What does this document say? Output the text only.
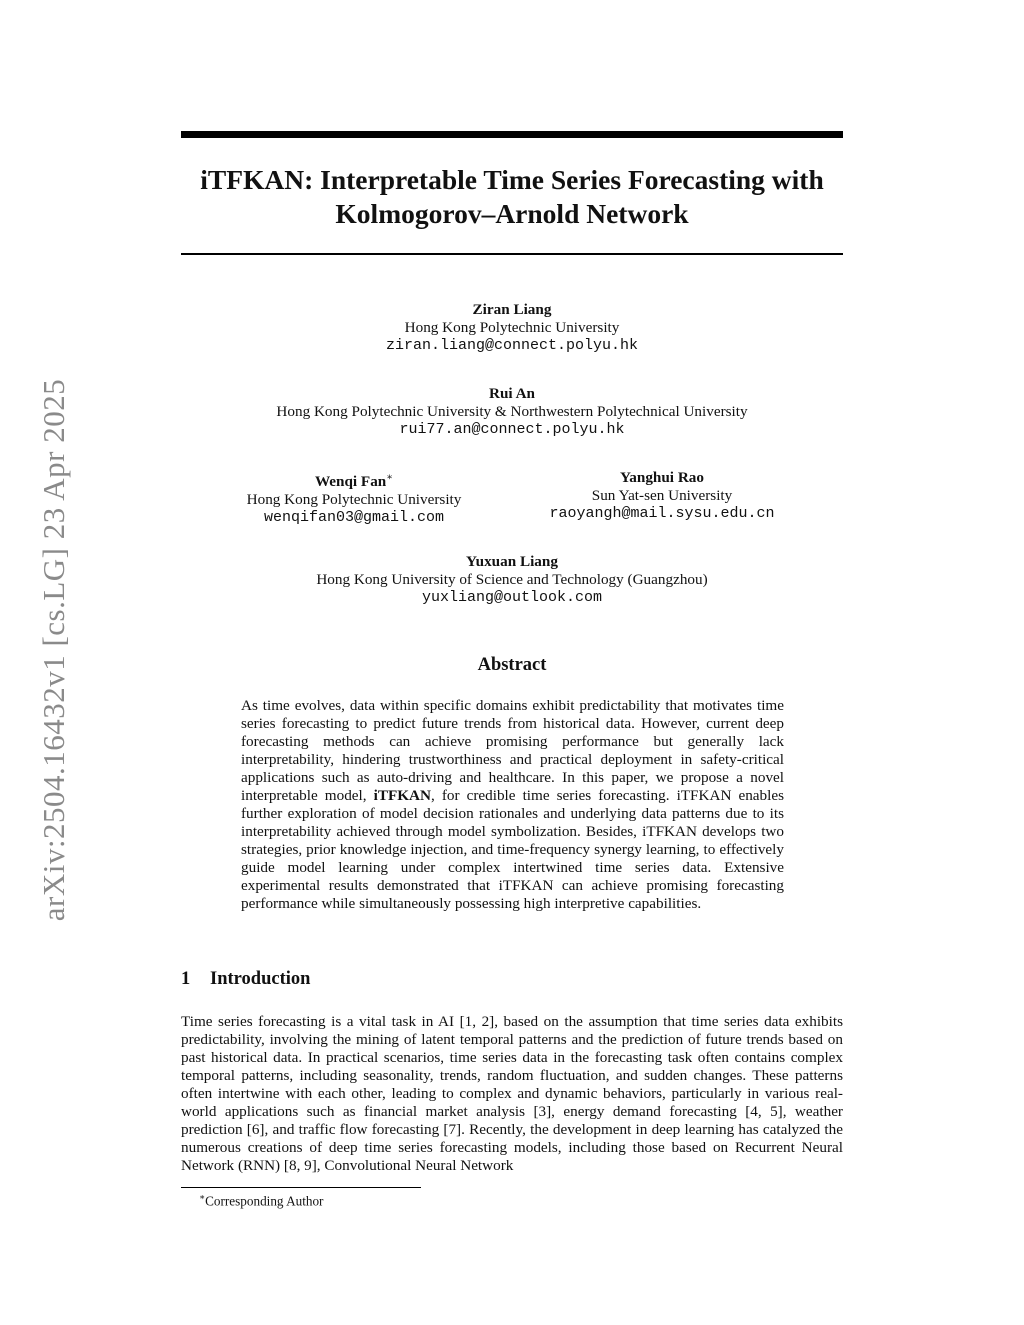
arXiv:2504.16432v1 [cs.LG] 23 Apr 2025
iTFKAN: Interpretable Time Series Forecasting with
Kolmogorov–Arnold Network
Ziran Liang
Hong Kong Polytechnic University
ziran.liang@connect.polyu.hk
Rui An
Hong Kong Polytechnic University & Northwestern Polytechnical University
rui77.an@connect.polyu.hk
Wenqi Fan∗
Hong Kong Polytechnic University
wenqifan03@gmail.com
Yanghui Rao
Sun Yat-sen University
raoyangh@mail.sysu.edu.cn
Yuxuan Liang
Hong Kong University of Science and Technology (Guangzhou)
yuxliang@outlook.com
Abstract

As time evolves, data within specific domains exhibit predictability that motivates time series forecasting to predict future trends from historical data. However, current deep forecasting methods can achieve promising performance but generally lack interpretability, hindering trustworthiness and practical deployment in safety-critical applications such as auto-driving and healthcare. In this paper, we propose a novel interpretable model, iTFKAN, for credible time series forecasting. iTFKAN enables further exploration of model decision rationales and underlying data patterns due to its interpretability achieved through model symbolization. Besides, iTFKAN develops two strategies, prior knowledge injection, and time-frequency synergy learning, to effectively guide model learning under complex intertwined time series data. Extensive experimental results demonstrated that iTFKAN can achieve promising forecasting performance while simultaneously possessing high interpretive capabilities.

1 Introduction

Time series forecasting is a vital task in AI [1, 2], based on the assumption that time series data exhibits predictability, involving the mining of latent temporal patterns and the prediction of future trends based on past historical data. In practical scenarios, time series data in the forecasting task often contains complex temporal patterns, including seasonality, trends, random fluctuation, and sudden changes. These patterns often intertwine with each other, leading to complex and dynamic behaviors, particularly in various real-world applications such as financial market analysis [3], energy demand forecasting [4, 5], weather prediction [6], and traffic flow forecasting [7]. Recently, the development in deep learning has catalyzed the numerous creations of deep time series forecasting models, including those based on Recurrent Neural Network (RNN) [8, 9], Convolutional Neural Network

∗Corresponding Author
